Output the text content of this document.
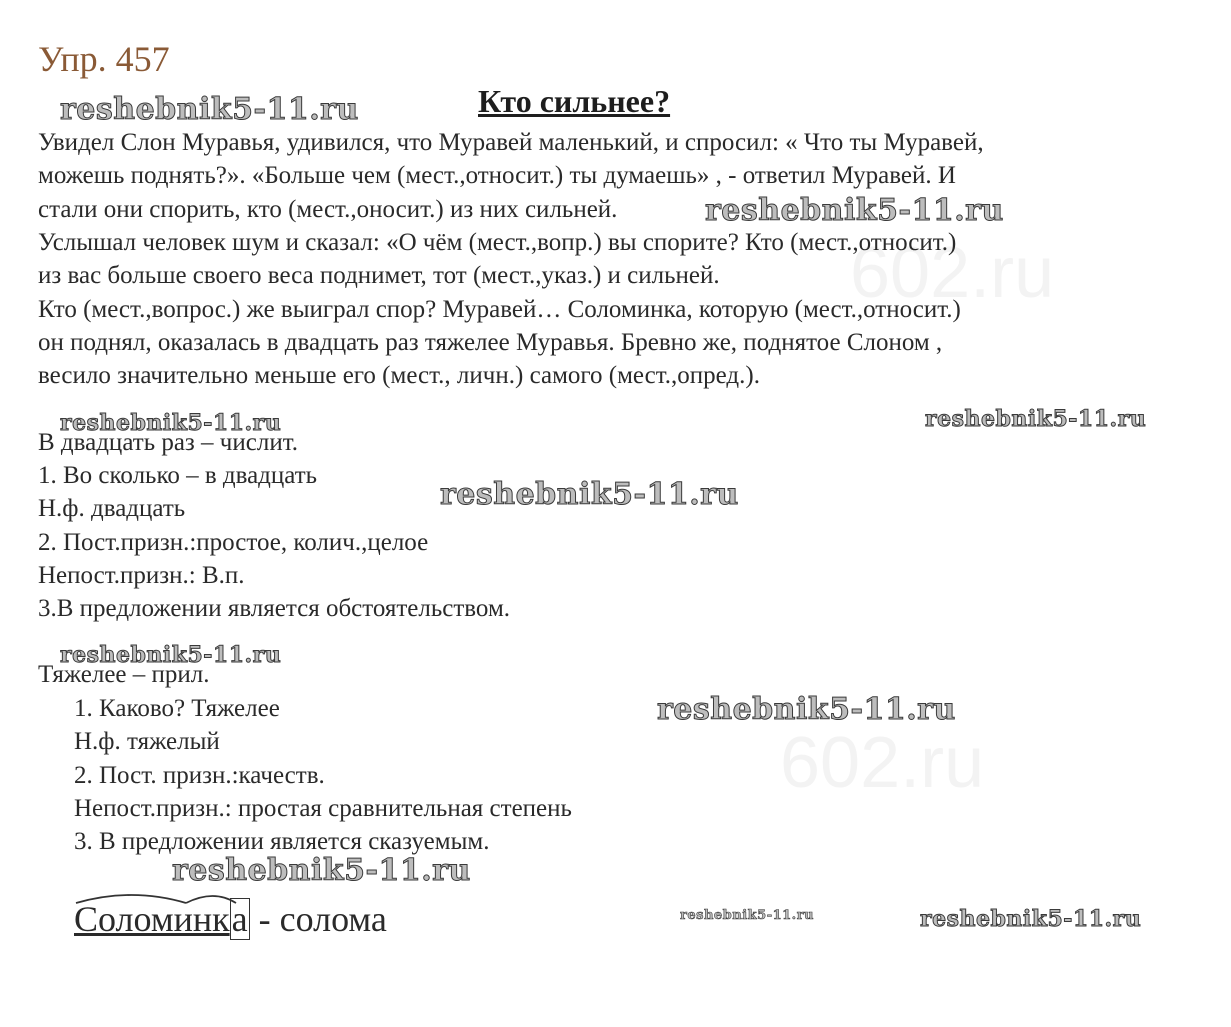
602.ru
602.ru
Упр. 457
Кто сильнее?
Увидел Слон Муравья, удивился, что Муравей маленький, и спросил: « Что ты Муравей,
можешь поднять?». «Больше чем (мест.,относит.) ты думаешь» , - ответил Муравей. И
стали они спорить, кто (мест.,оносит.) из них сильней.
Услышал человек шум и сказал: «О чём (мест.,вопр.) вы спорите? Кто (мест.,относит.)
из вас больше своего веса поднимет, тот (мест.,указ.) и сильней.
Кто (мест.,вопрос.) же выиграл спор? Муравей… Соломинка, которую (мест.,относит.)
он поднял, оказалась в двадцать раз тяжелее Муравья. Бревно же, поднятое Слоном ,
весило значительно меньше его (мест., личн.) самого (мест.,опред.).
В двадцать раз – числит.
1. Во сколько – в двадцать
Н.ф. двадцать
2. Пост.призн.:простое, колич.,целое
Непост.призн.: В.п.
3.В предложении является обстоятельством.
Тяжелее – прил.
1. Каково? Тяжелее
Н.ф. тяжелый
2. Пост. призн.:качеств.
Непост.призн.: простая сравнительная степень
3. В предложении является сказуемым.
Соломинка - солома
reshebnik5-11.ru
reshebnik5-11.ru
reshebnik5-11.ru	reshebnik5-11.ru
reshebnik5-11.ru
reshebnik5-11.ru
reshebnik5-11.ru
reshebnik5-11.ru
reshebnik5-11.ru	reshebnik5-11.ru
